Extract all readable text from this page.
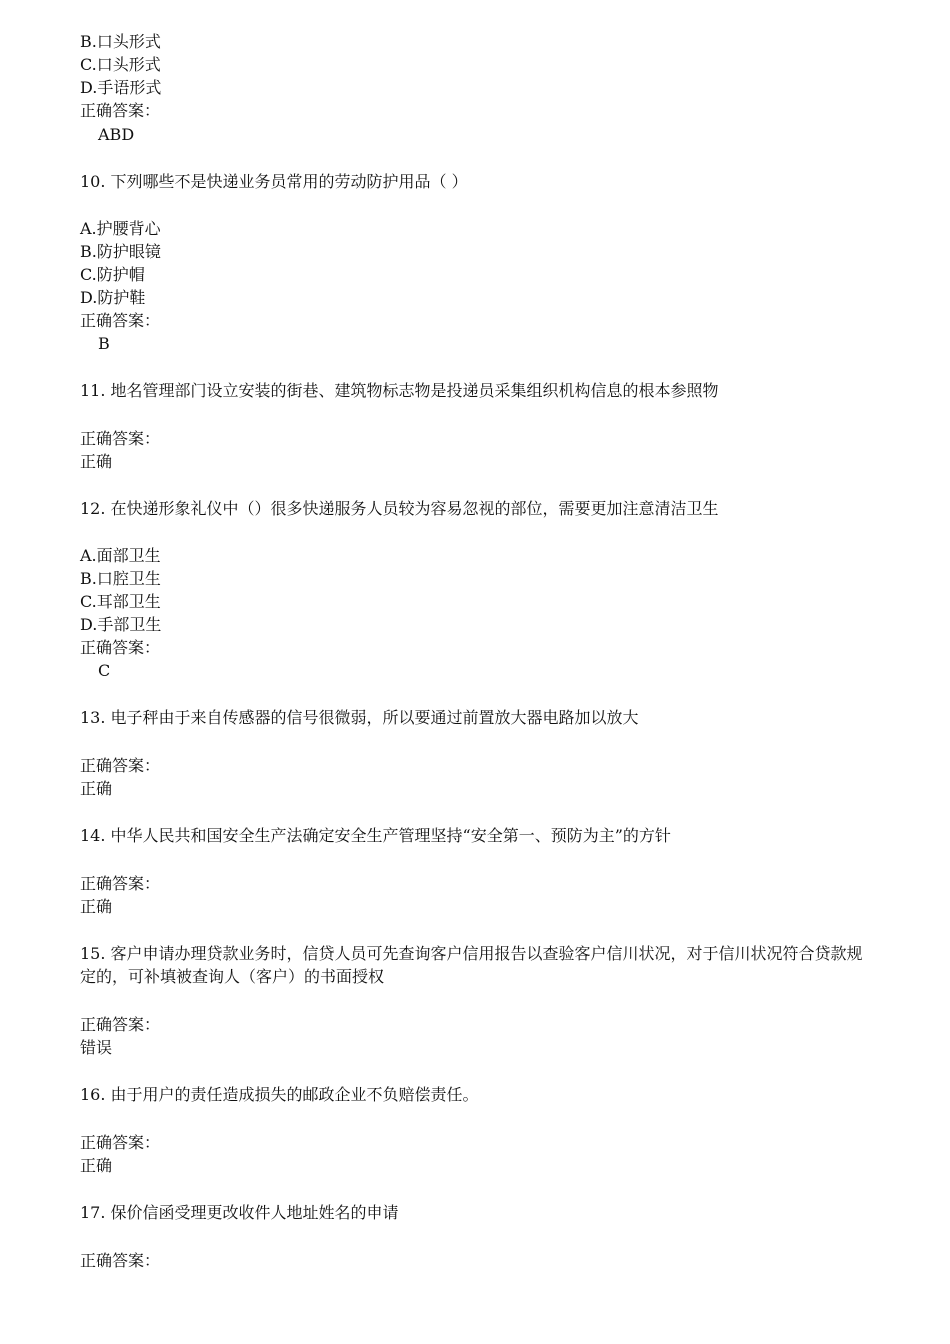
B.口头形式
C.口头形式
D.手语形式
正确答案：
ABD
10. 下列哪些不是快递业务员常用的劳动防护用品（ ）
A.护腰背心
B.防护眼镜
C.防护帽
D.防护鞋
正确答案：
B
11. 地名管理部门设立安装的街巷、建筑物标志物是投递员采集组织机构信息的根本参照物
正确答案：
正确
12. 在快递形象礼仪中（）很多快递服务人员较为容易忽视的部位，需要更加注意清洁卫生
A.面部卫生
B.口腔卫生
C.耳部卫生
D.手部卫生
正确答案：
C
13. 电子秤由于来自传感器的信号很微弱，所以要通过前置放大器电路加以放大
正确答案：
正确
14. 中华人民共和国安全生产法确定安全生产管理坚持“安全第一、预防为主”的方针
正确答案：
正确
15. 客户申请办理贷款业务时，信贷人员可先查询客户信用报告以查验客户信川状况，对于信川状况符合贷款规定的，可补填被查询人（客户）的书面授权
正确答案：
错误
16. 由于用户的责任造成损失的邮政企业不负赔偿责任。
正确答案：
正确
17. 保价信函受理更改收件人地址姓名的申请
正确答案：
